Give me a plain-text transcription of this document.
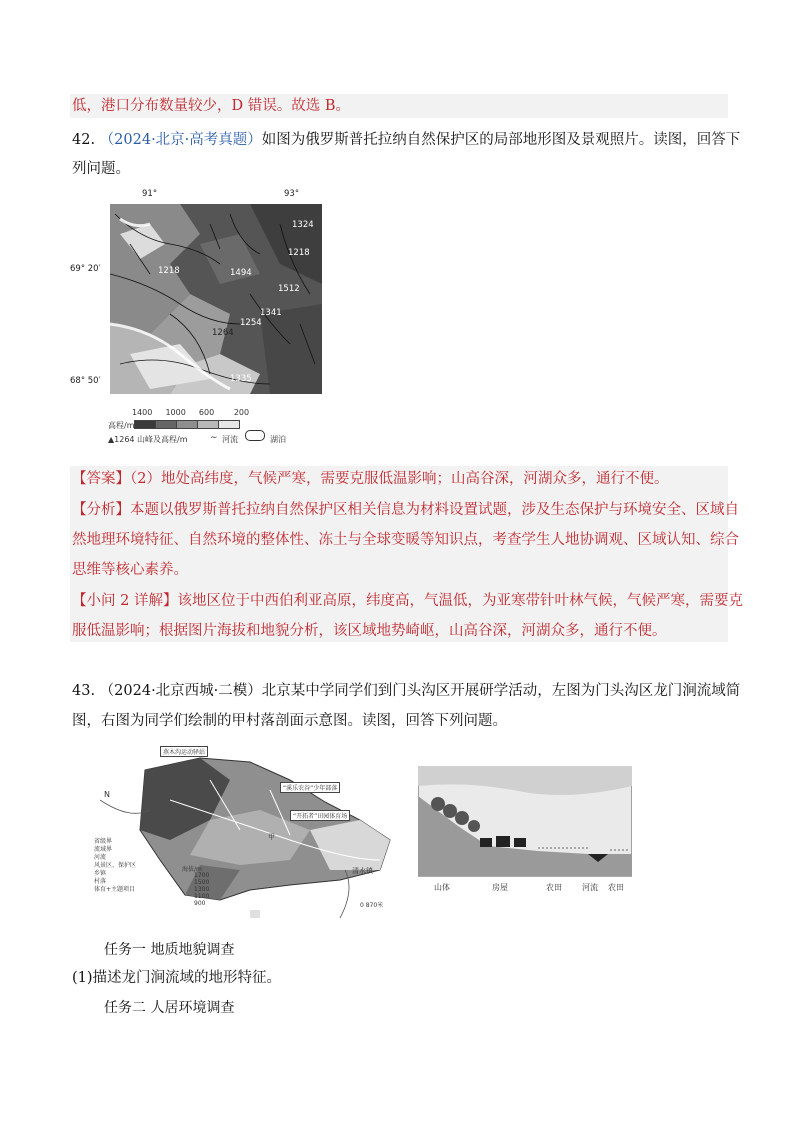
低，港口分布数量较少，D 错误。故选 B。
42. （2024·北京·高考真题）如图为俄罗斯普托拉纳自然保护区的局部地形图及景观照片。读图，回答下
列问题。
91°	93°
69° 20′
68° 50′
1324
1218
1218	1494
1512
1341
1254
1264
1335
1400 1000 600 200
高程/m
▲1264 山峰及高程/m ∼ 河流	湖泊
【答案】（2）地处高纬度，气候严寒，需要克服低温影响；山高谷深，河湖众多，通行不便。
【分析】本题以俄罗斯普托拉纳自然保护区相关信息为材料设置试题，涉及生态保护与环境安全、区域自
然地理环境特征、自然环境的整体性、冻土与全球变暖等知识点，考查学生人地协调观、区域认知、综合
思维等核心素养。
【小问 2 详解】该地区位于中西伯利亚高原，纬度高，气温低，为亚寒带针叶林气候，气候严寒，需要克
服低温影响；根据图片海拔和地貌分析，该区域地势崎岖，山高谷深，河湖众多，通行不便。
43. （2024·北京西城·二模）北京某中学同学们到门头沟区开展研学活动，左图为门头沟区龙门涧流域简
图，右图为同学们绘制的甲村落剖面示意图。读图，回答下列问题。
燕木沟运动驿站
“溪乐农谷”少年部落
“开拓者”田园体育场
甲
清水镇
N
0 870米
海拔/m
1700
1500
1300
1100
900
省级界
流域界
河流
风景区、保护区
乡镇
村落
体育+主题项目	山体	房屋	农田	河流 农田
任务一 地质地貌调查
(1)描述龙门涧流域的地形特征。
任务二 人居环境调查
